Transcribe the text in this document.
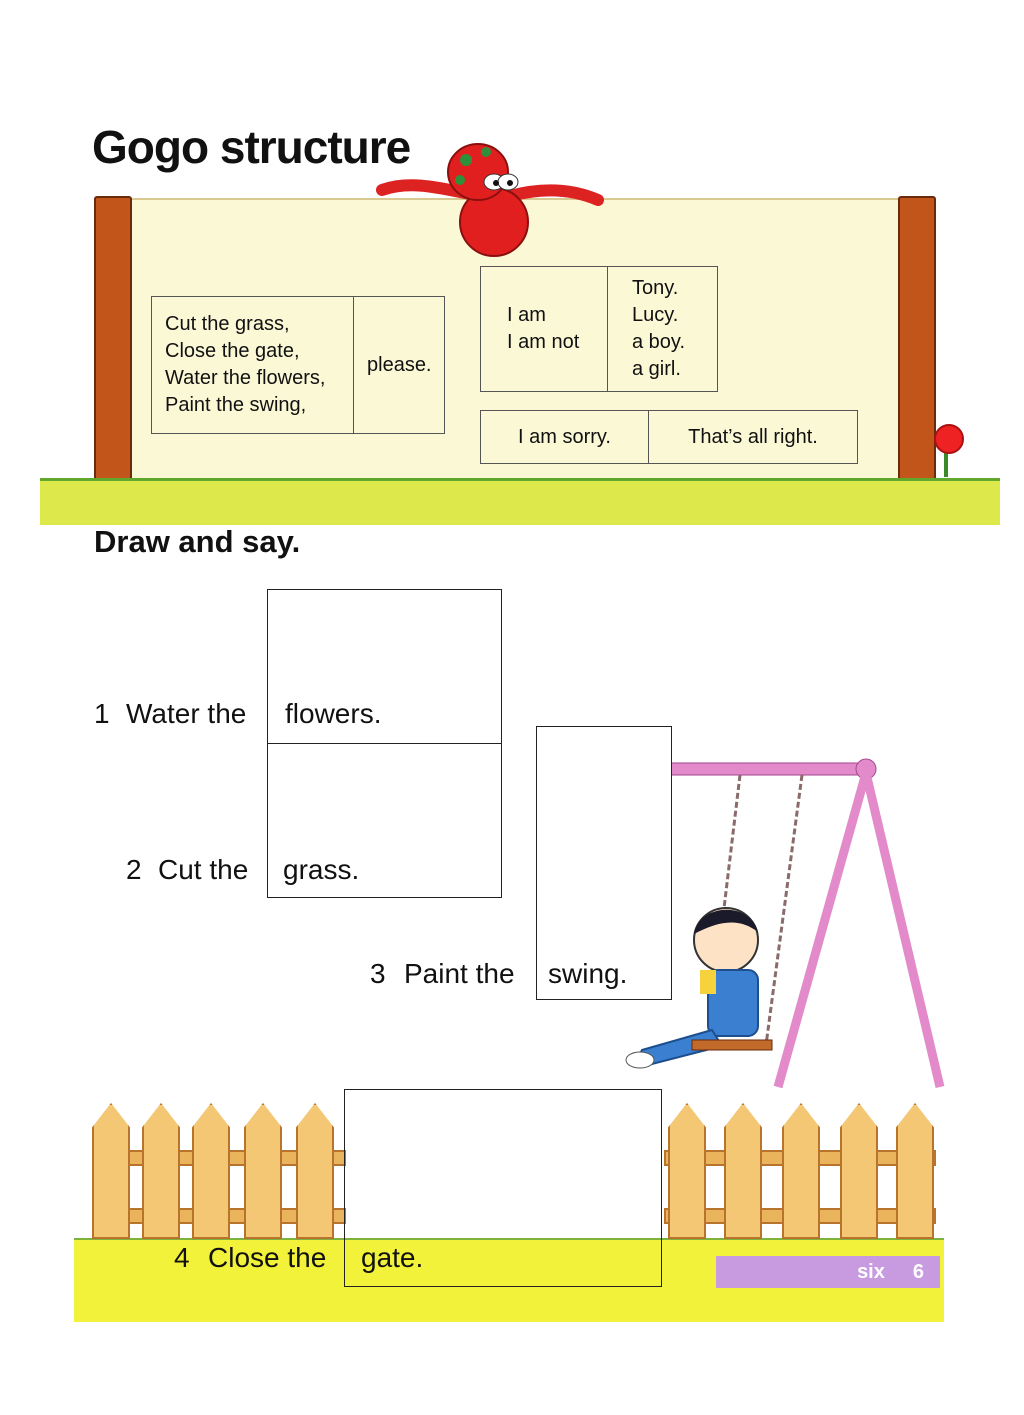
Gogo structure
Cut the grass,
Close the gate,
Water the flowers,
Paint the swing,
please.
I am
I am not
Tony.
Lucy.
a boy.
a girl.
I am sorry.	That’s all right.
Draw and say.
1 Water the flowers.
2 Cut the grass.
3 Paint the swing.
4 Close the gate.	six 6
